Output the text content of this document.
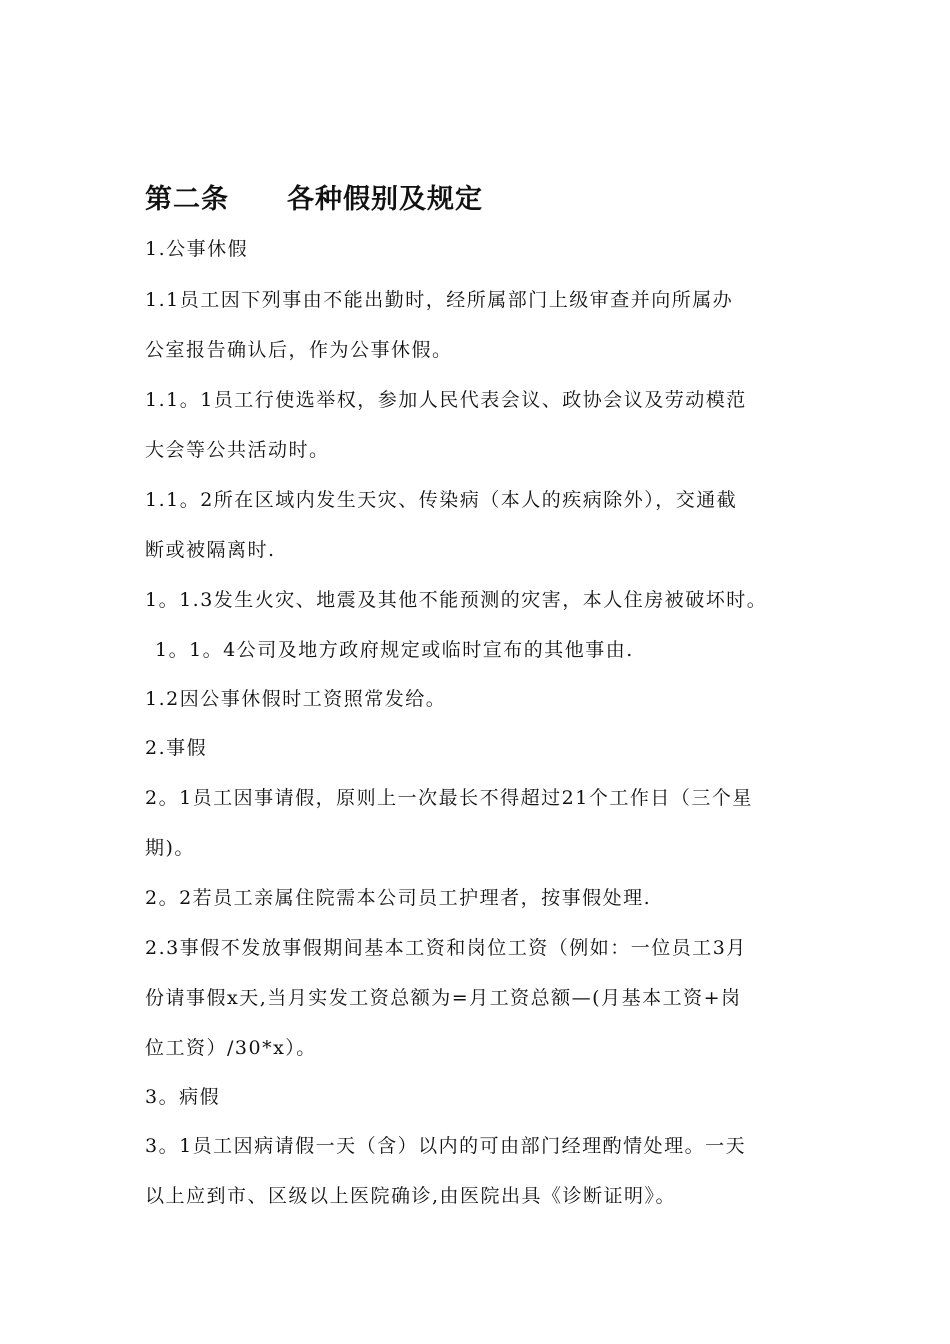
第二条 各种假别及规定
1.公事休假
1.1员工因下列事由不能出勤时，经所属部门上级审查并向所属办
公室报告确认后，作为公事休假。
1.1。1员工行使选举权，参加人民代表会议、政协会议及劳动模范
大会等公共活动时。
1.1。2所在区域内发生天灾、传染病（本人的疾病除外），交通截
断或被隔离时.
1。1.3发生火灾、地震及其他不能预测的灾害，本人住房被破坏时。
1。1。4公司及地方政府规定或临时宣布的其他事由.
1.2因公事休假时工资照常发给。
2.事假
2。1员工因事请假，原则上一次最长不得超过21个工作日（三个星
期)。
2。2若员工亲属住院需本公司员工护理者，按事假处理.
2.3事假不发放事假期间基本工资和岗位工资（例如：一位员工3月
份请事假x天,当月实发工资总额为=月工资总额—(月基本工资+岗
位工资）/30*x）。
3。病假
3。1员工因病请假一天（含）以内的可由部门经理酌情处理。一天
以上应到市、区级以上医院确诊,由医院出具《诊断证明》。
